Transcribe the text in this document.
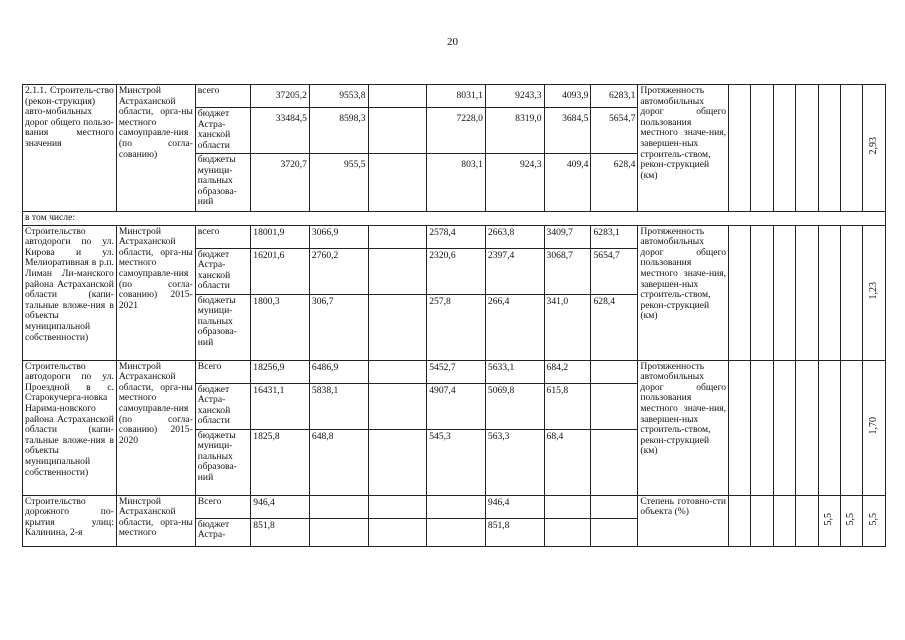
20
2.1.1. Строитель-ство (рекон-струкция) авто-мобильных дорог общего пользо-вания местного значения	Минстрой Астраханской области, орга-ны местного самоуправле-ния (по согла-сованию)	всего	37205,2	9553,8		8031,1	9243,3	4093,9	6283,1	Протяженность автомобильных дорог общего пользования местного значе-ния, завершен-ных строитель-ством, рекон-струкцией (км)							2,93
		бюджет Астра-ханской области	33484,5	8598,3		7228,0	8319,0	3684,5	5654,7								
		бюджеты муници-пальных образова-ний	3720,7	955,5		803,1	924,3	409,4	628,4								
в том числе:																	
Строительство автодороги по ул. Кирова и ул. Мелиоративная в р.п. Лиман Ли-манского района Астраханской области (капи-тальные вложе-ния в объекты муниципальной собственности)	Минстрой Астраханской области, орга-ны местного самоуправле-ния (по согла-сованию) 2015-2021	всего	18001,9	3066,9		2578,4	2663,8	3409,7	6283,1	Протяженность автомобильных дорог общего пользования местного значе-ния, завершен-ных строитель-ством, рекон-струкцией (км)							1,23
		бюджет Астра-ханской области	16201,6	2760,2		2320,6	2397,4	3068,7	5654,7								
		бюджеты муници-пальных образова-ний	1800,3	306,7		257,8	266,4	341,0	628,4								
Строительство автодороги по ул. Проездной в с. Старокучерга-новка Наримa-новского района Астраханской области (капи-тальные вложе-ния в объекты муниципальной собственности)	Минстрой Астраханской области, орга-ны местного самоуправле-ния (по согла-сованию) 2015-2020	Всего	18256,9	6486,9		5452,7	5633,1	684,2		Протяженность автомобильных дорог общего пользования местного значе-ния, завершен-ных строитель-ством, рекон-струкцией (км)							1,70
		бюджет Астра-ханской области	16431,1	5838,1		4907,4	5069,8	615,8									
		бюджеты муници-пальных образова-ний	1825,8	648,8		545,3	563,3	68,4									
Строительство дорожного по-крытия улиц: Калинина, 2-я	Минстрой Астраханской области, орга-ны местного	Всего	946,4				946,4			Степень готовно-сти объекта (%)					5,5	5,5	5,5
		бюджет Астра-	851,8				851,8										
